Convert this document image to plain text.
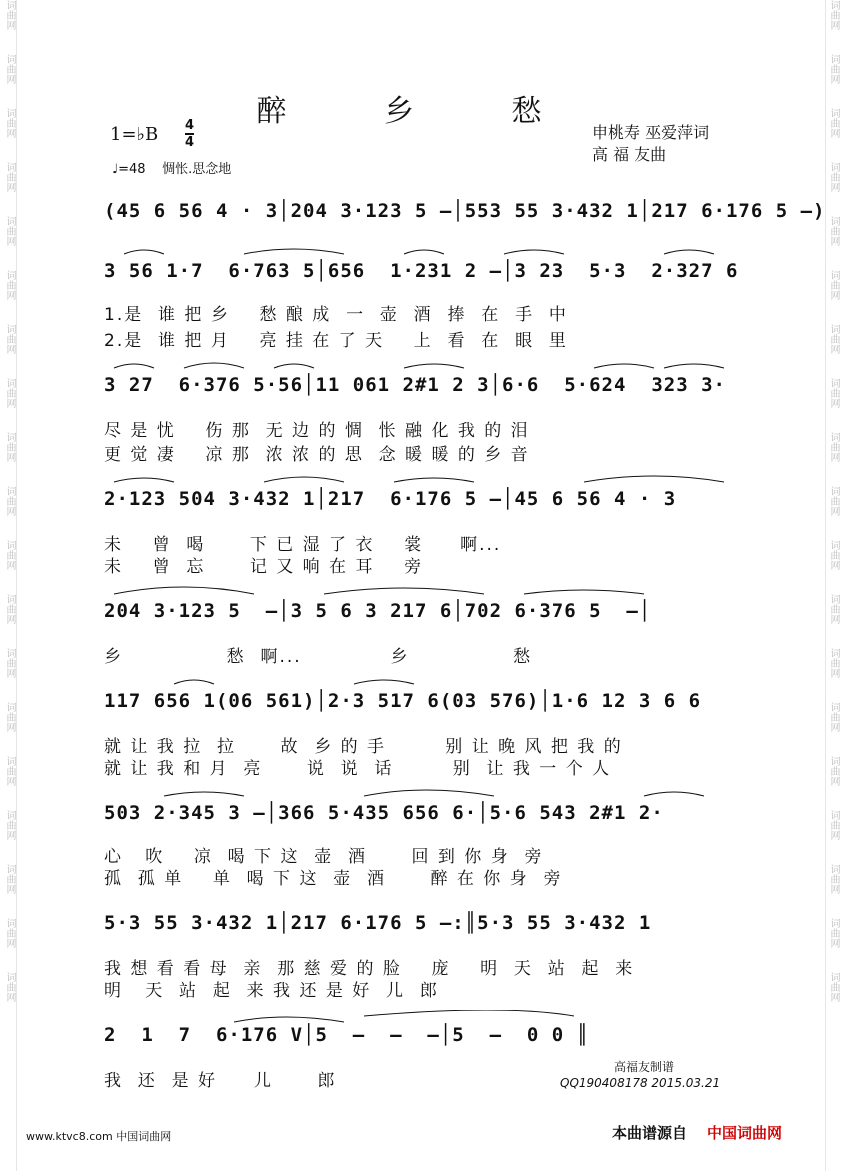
词曲网
词曲网
词曲网
词曲网
词曲网
词曲网
词曲网
词曲网
词曲网
词曲网
词曲网
词曲网
词曲网
词曲网
词曲网
词曲网
词曲网
词曲网
词曲网
词曲网
词曲网
词曲网
词曲网
词曲网
词曲网
词曲网
词曲网
词曲网
词曲网
词曲网
词曲网
词曲网
词曲网
词曲网
词曲网
词曲网
词曲网
词曲网
醉 乡 愁
1=♭B 4
4
♩=48 惆怅.思念地
申桃寿 巫爱萍词
高 福 友曲
(45 6 56 4 · 3│204 3·123 5 –│553 55 3·432 1│217 6·176 5 –)
3 56 1·7  6·763 5│656  1·231 2 –│3 23  5·3  2·327 6
1.是  谁 把 乡    愁 酿 成  一  壶  酒  捧  在  手  中
2.是  谁 把 月    亮 挂 在 了 天    上  看  在  眼  里
3 27  6·376 5·56│11 061 2#1 2 3│6·6  5·624  323 3·
尽 是 忧    伤 那  无 边 的 惆  怅 融 化 我 的 泪
更 觉 凄    凉 那  浓 浓 的 思  念 暖 暖 的 乡 音
2·123 504 3·432 1│217  6·176 5 –│45 6 56 4 · 3
未    曾  喝      下 已 湿 了 衣    裳     啊...
未    曾  忘      记 又 响 在 耳    旁
204 3·123 5  –│3 5 6 3 217 6│702 6·376 5  –│
乡              愁  啊...            乡              愁
117 656 1(06 561)│2·3 517 6(03 576)│1·6 12 3 6 6
就 让 我 拉  拉      故  乡 的 手        别 让 晚 风 把 我 的
就 让 我 和 月  亮      说  说  话        别  让 我 一 个 人
503 2·345 3 –│366 5·435 656 6·│5·6 543 2#1 2·
心   吹    凉  喝 下 这  壶  酒      回 到 你 身  旁
孤  孤 单    单  喝 下 这  壶  酒      醉 在 你 身  旁
5·3 55 3·432 1│217 6·176 5 –:║5·3 55 3·432 1
我 想 看 看 母  亲  那 慈 爱 的 脸    庞    明  天  站  起  来
明   天  站  起  来 我 还 是 好  儿  郎
2  1  7  6·176 V│5  –  –  –│5  –  0 0 ║
我  还  是 好     儿      郎
高福友制谱
QQ190408178 2015.03.21
www.ktvc8.com 中国词曲网	本曲谱源自 中国词曲网
